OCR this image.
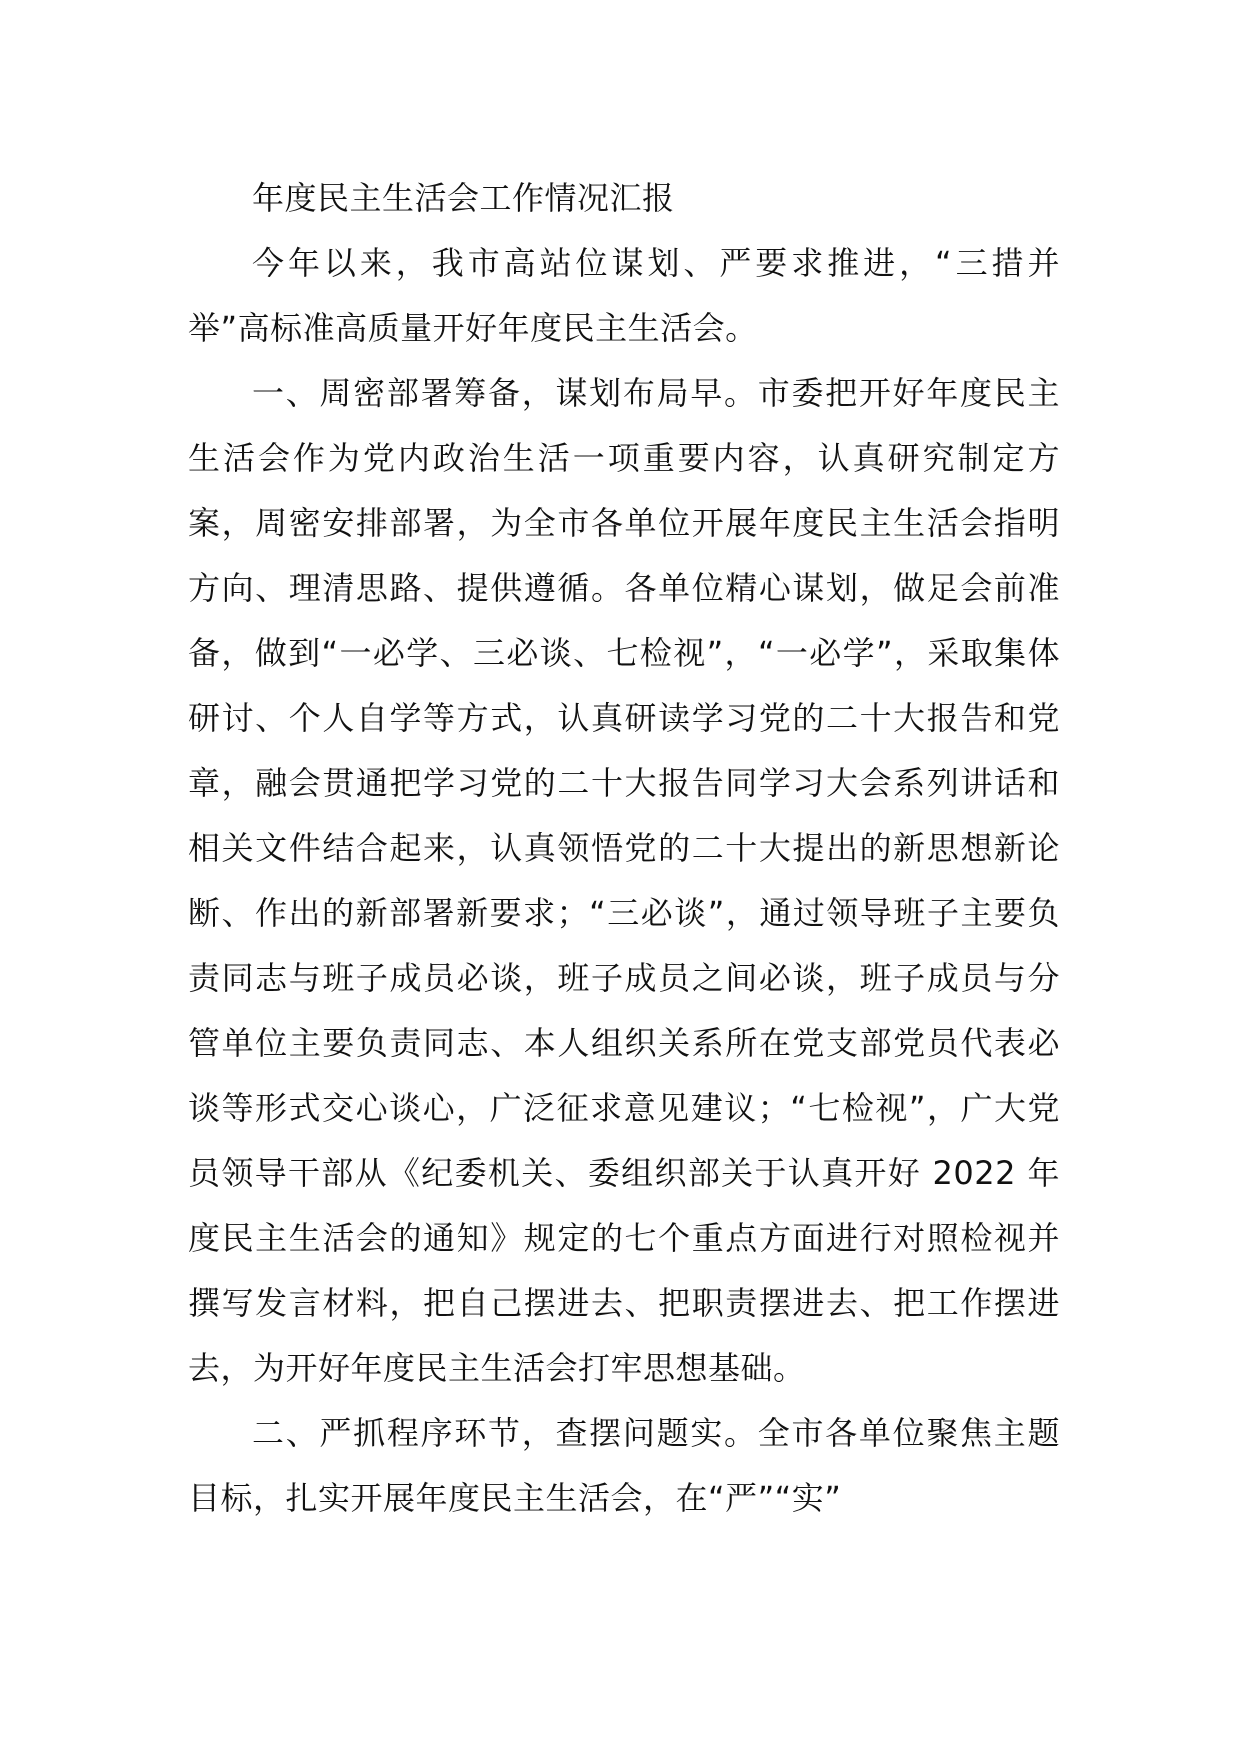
年度民主生活会工作情况汇报

今年以来，我市高站位谋划、严要求推进，“三措并举”高标准高质量开好年度民主生活会。

一、周密部署筹备，谋划布局早。市委把开好年度民主生活会作为党内政治生活一项重要内容，认真研究制定方案，周密安排部署，为全市各单位开展年度民主生活会指明方向、理清思路、提供遵循。各单位精心谋划，做足会前准备，做到“一必学、三必谈、七检视”，“一必学”，采取集体研讨、个人自学等方式，认真研读学习党的二十大报告和党章，融会贯通把学习党的二十大报告同学习大会系列讲话和相关文件结合起来，认真领悟党的二十大提出的新思想新论断、作出的新部署新要求；“三必谈”，通过领导班子主要负责同志与班子成员必谈，班子成员之间必谈，班子成员与分管单位主要负责同志、本人组织关系所在党支部党员代表必谈等形式交心谈心，广泛征求意见建议；“七检视”，广大党员领导干部从《纪委机关、委组织部关于认真开好 2022 年度民主生活会的通知》规定的七个重点方面进行对照检视并撰写发言材料，把自己摆进去、把职责摆进去、把工作摆进去，为开好年度民主生活会打牢思想基础。

二、严抓程序环节，查摆问题实。全市各单位聚焦主题目标，扎实开展年度民主生活会，在“严”“实”
